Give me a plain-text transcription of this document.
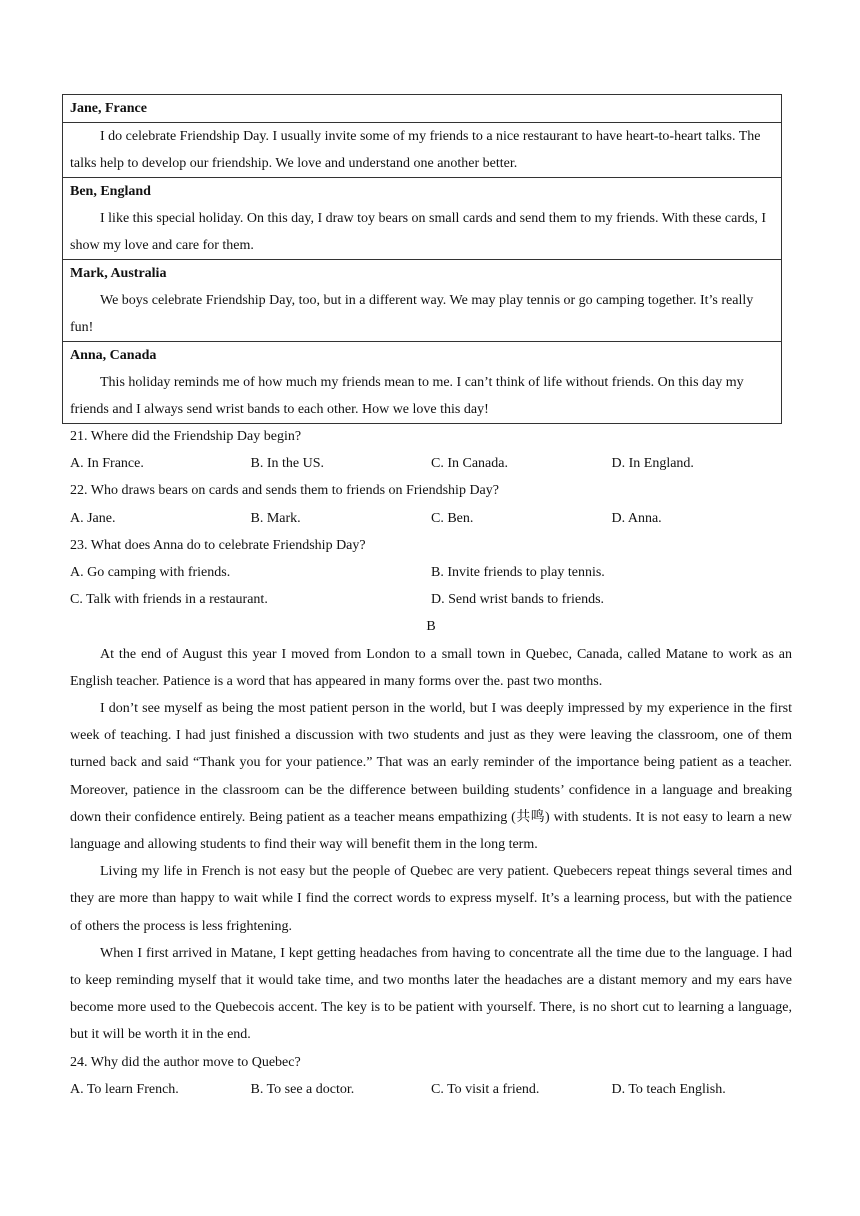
Jane, France

I do celebrate Friendship Day. I usually invite some of my friends to a nice restaurant to have heart-to-heart talks. The talks help to develop our friendship. We love and understand one another better.

Ben, England
I like this special holiday. On this day, I draw toy bears on small cards and send them to my friends. With these cards, I show my love and care for them.

Mark, Australia
We boys celebrate Friendship Day, too, but in a different way. We may play tennis or go camping together. It’s really fun!

Anna, Canada
This holiday reminds me of how much my friends mean to me. I can’t think of life without friends. On this day my friends and I always send wrist bands to each other. How we love this day!
21. Where did the Friendship Day begin?
A. In France.	B. In the US.	C. In Canada.	D. In England.
22. Who draws bears on cards and sends them to friends on Friendship Day?
A. Jane.	B. Mark.	C. Ben.	D. Anna.
23. What does Anna do to celebrate Friendship Day?
A. Go camping with friends.	B. Invite friends to play tennis.
C. Talk with friends in a restaurant.	D. Send wrist bands to friends.
B
At the end of August this year I moved from London to a small town in Quebec, Canada, called Matane to work as an English teacher. Patience is a word that has appeared in many forms over the. past two months.
I don’t see myself as being the most patient person in the world, but I was deeply impressed by my experience in the first week of teaching. I had just finished a discussion with two students and just as they were leaving the classroom, one of them turned back and said “Thank you for your patience.” That was an early reminder of the importance being patient as a teacher. Moreover, patience in the classroom can be the difference between building students’ confidence in a language and breaking down their confidence entirely. Being patient as a teacher means empathizing (共鸣) with students. It is not easy to learn a new language and allowing students to find their way will benefit them in the long term.
Living my life in French is not easy but the people of Quebec are very patient. Quebecers repeat things several times and they are more than happy to wait while I find the correct words to express myself. It’s a learning process, but with the patience of others the process is less frightening.
When I first arrived in Matane, I kept getting headaches from having to concentrate all the time due to the language. I had to keep reminding myself that it would take time, and two months later the headaches are a distant memory and my ears have become more used to the Quebecois accent. The key is to be patient with yourself. There, is no short cut to learning a language, but it will be worth it in the end.
24. Why did the author move to Quebec?
A. To learn French.	B. To see a doctor.	C. To visit a friend.	D. To teach English.
